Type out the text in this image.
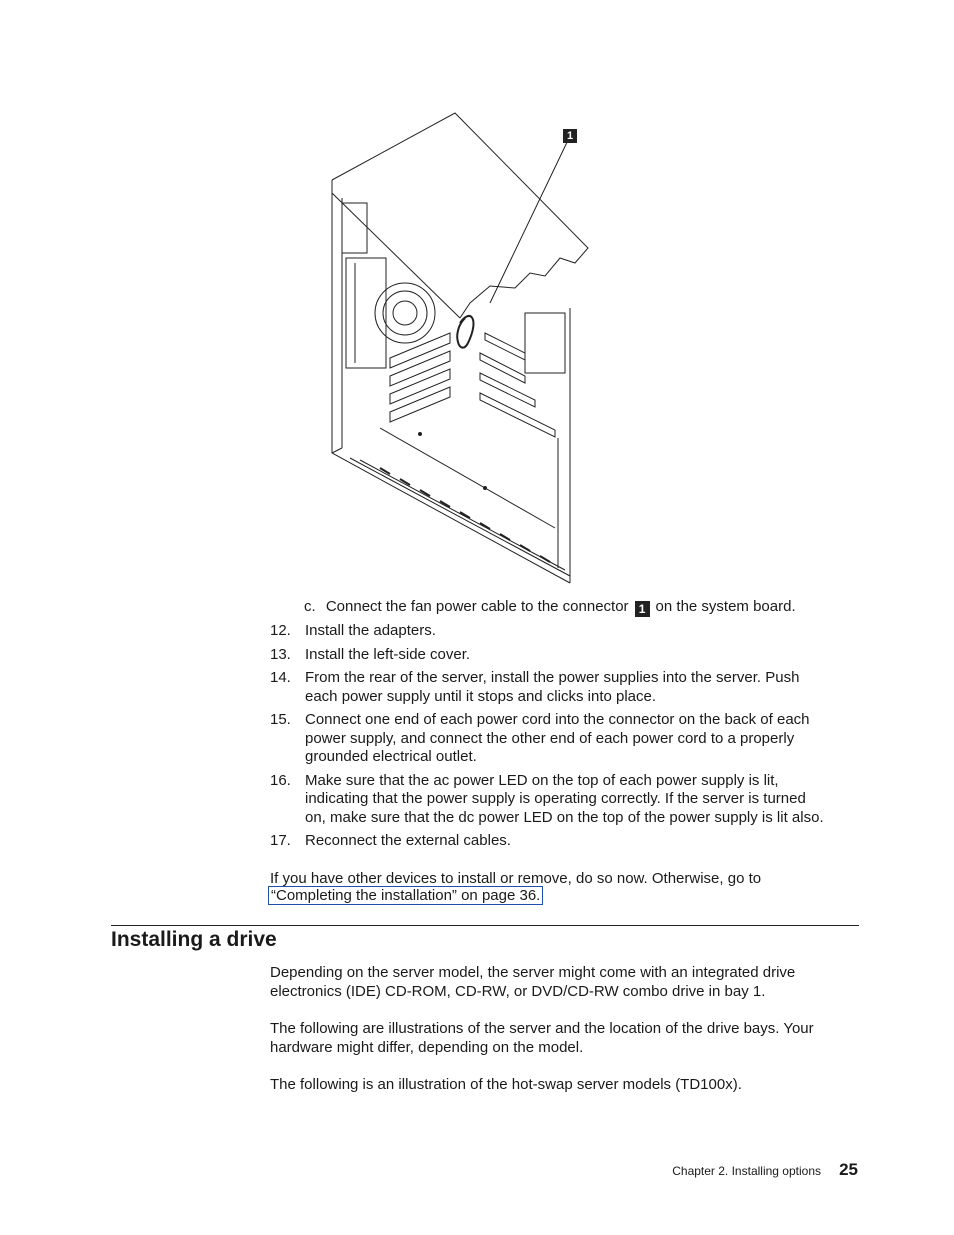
1
c. Connect the fan power cable to the connector 1 on the system board.
12. Install the adapters.
13. Install the left-side cover.
14. From the rear of the server, install the power supplies into the server. Push
each power supply until it stops and clicks into place.
15. Connect one end of each power cord into the connector on the back of each
power supply, and connect the other end of each power cord to a properly
grounded electrical outlet.
16. Make sure that the ac power LED on the top of each power supply is lit,
indicating that the power supply is operating correctly. If the server is turned
on, make sure that the dc power LED on the top of the power supply is lit also.
17. Reconnect the external cables.
If you have other devices to install or remove, do so now. Otherwise, go to
“Completing the installation” on page 36.
Installing a drive
Depending on the server model, the server might come with an integrated drive
electronics (IDE) CD-ROM, CD-RW, or DVD/CD-RW combo drive in bay 1.
The following are illustrations of the server and the location of the drive bays. Your
hardware might differ, depending on the model.
The following is an illustration of the hot-swap server models (TD100x).
Chapter 2. Installing options 25
